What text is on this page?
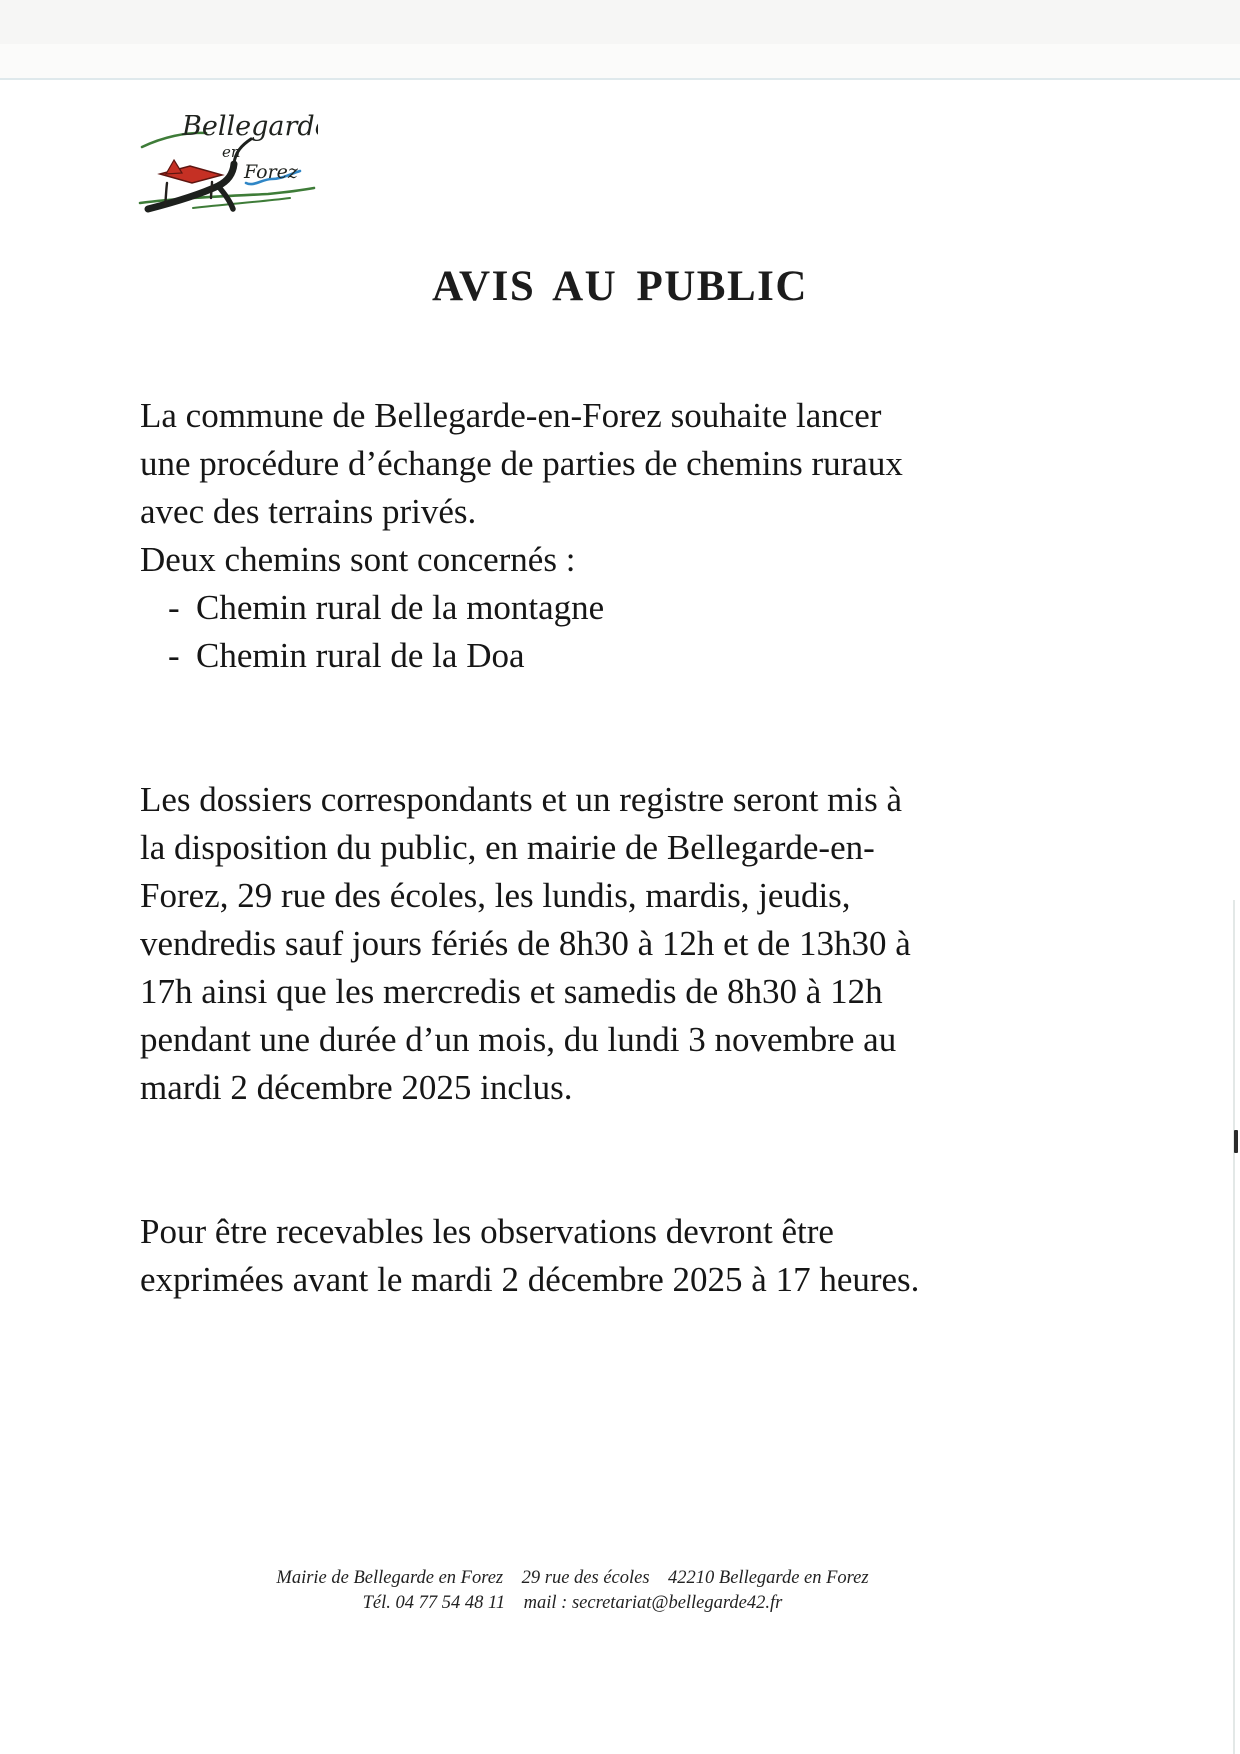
Bellegarde
en
Forez
AVIS AU PUBLIC
La commune de Bellegarde-en-Forez souhaite lancer
une procédure d’échange de parties de chemins ruraux
avec des terrains privés.
Deux chemins sont concernés :
- Chemin rural de la montagne
- Chemin rural de la Doa
Les dossiers correspondants et un registre seront mis à
la disposition du public, en mairie de Bellegarde-en-
Forez, 29 rue des écoles, les lundis, mardis, jeudis,
vendredis sauf jours fériés de 8h30 à 12h et de 13h30 à
17h ainsi que les mercredis et samedis de 8h30 à 12h
pendant une durée d’un mois, du lundi 3 novembre au
mardi 2 décembre 2025 inclus.
Pour être recevables les observations devront être
exprimées avant le mardi 2 décembre 2025 à 17 heures.
Mairie de Bellegarde en Forez    29 rue des écoles    42210 Bellegarde en Forez
Tél. 04 77 54 48 11    mail : secretariat@bellegarde42.fr
